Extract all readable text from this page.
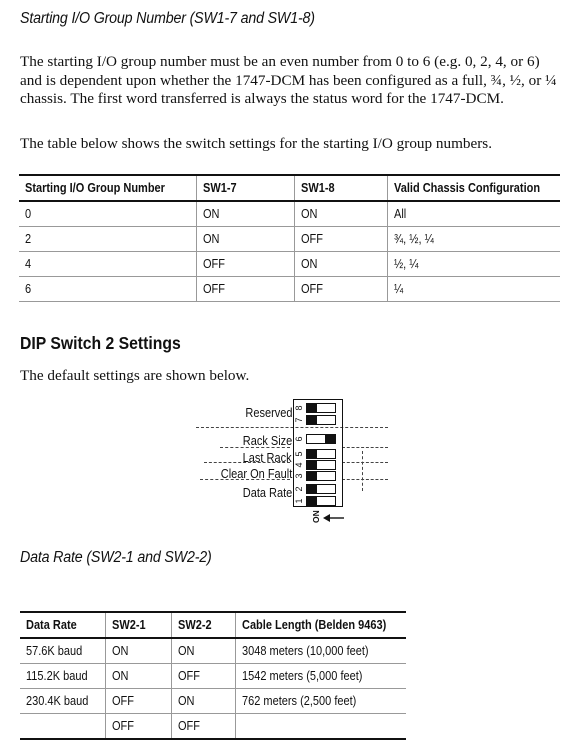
Starting I/O Group Number (SW1-7 and SW1-8)

The starting I/O group number must be an even number from 0 to 6 (e.g. 0, 2, 4, or 6) and is dependent upon whether the 1747-DCM has been configured as a full, ¾, ½, or ¼ chassis. The first word transferred is always the status word for the 1747-DCM.

The table below shows the switch settings for the starting I/O group numbers.

Starting I/O Group Number	SW1-7	SW1-8	Valid Chassis Configuration
0	ON	ON	All
2	ON	OFF	¾, ½, ¼
4	OFF	ON	½, ¼
6	OFF	OFF	¼
DIP Switch 2 Settings

The default settings are shown below.

Reserved
Rack Size
Last Rack
Clear On Fault
Data Rate
8
7
6
5
4
3
2
1
ON
Data Rate (SW2-1 and SW2-2)
Data Rate	SW2-1	SW2-2	Cable Length (Belden 9463)
57.6K baud	ON	ON	3048 meters (10,000 feet)
115.2K baud	ON	OFF	1542 meters (5,000 feet)
230.4K baud	OFF	ON	762 meters (2,500 feet)
	OFF	OFF	
